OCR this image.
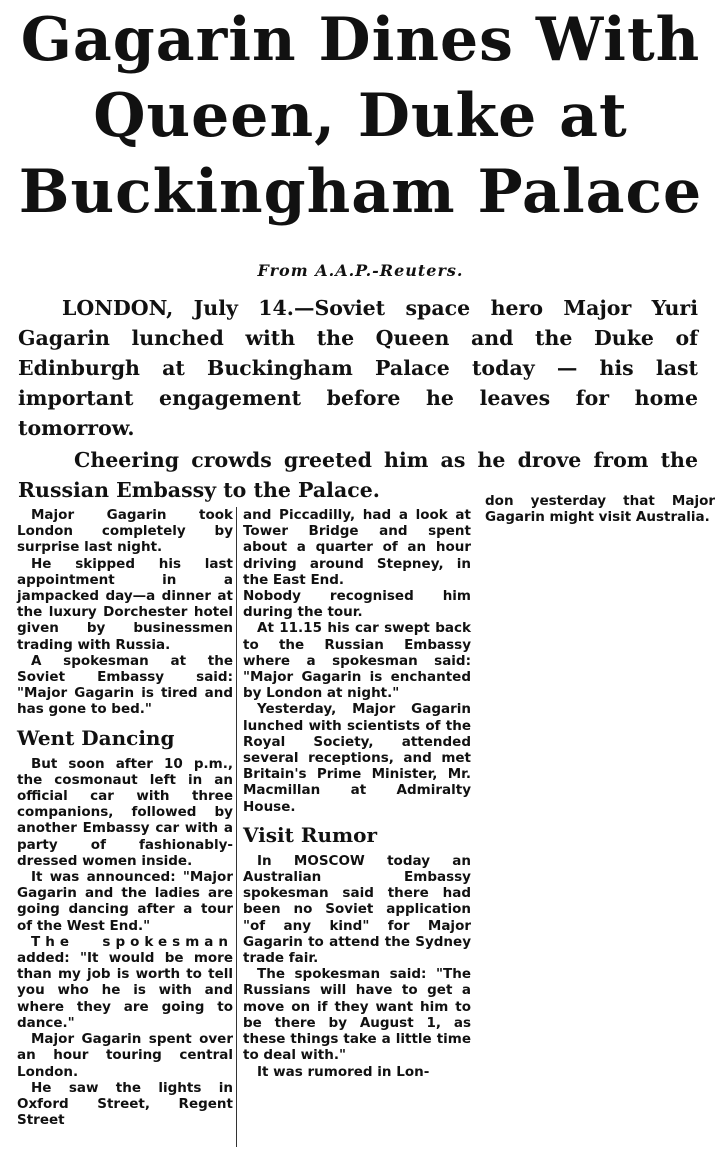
Gagarin Dines With
Queen, Duke at
Buckingham Palace
From A.A.P.-Reuters.

LONDON, July 14.—Soviet space hero Major Yuri Gagarin lunched with the Queen and the Duke of Edinburgh at Buckingham Palace today — his last important engagement before he leaves for home tomorrow.

Cheering crowds greeted him as he drove from the Russian Embassy to the Palace.

Major Gagarin took London completely by surprise last night.

He skipped his last appointment in a jampacked day—a dinner at the luxury Dorchester hotel given by businessmen trading with Russia.

A spokesman at the Soviet Embassy said: "Major Gagarin is tired and has gone to bed."

Went Dancing

But soon after 10 p.m., the cosmonaut left in an official car with three companions, followed by another Embassy car with a party of fashionably-dressed women inside.

It was announced: "Major Gagarin and the ladies are going dancing after a tour of the West End."

The spokesman added: "It would be more than my job is worth to tell you who he is with and where they are going to dance."

Major Gagarin spent over an hour touring central London.

He saw the lights in Oxford Street, Regent Street

and Piccadilly, had a look at Tower Bridge and spent about a quarter of an hour driving around Stepney, in the East End.

Nobody recognised him during the tour.

At 11.15 his car swept back to the Russian Embassy where a spokesman said: "Major Gagarin is enchanted by London at night."

Yesterday, Major Gagarin lunched with scientists of the Royal Society, attended several receptions, and met Britain's Prime Minister, Mr. Macmillan at Admiralty House.

Visit Rumor

In MOSCOW today an Australian Embassy spokesman said there had been no Soviet application "of any kind" for Major Gagarin to attend the Sydney trade fair.

The spokesman said: "The Russians will have to get a move on if they want him to be there by August 1, as these things take a little time to deal with."

It was rumored in Lon-

don yesterday that Major Gagarin might visit Australia.
